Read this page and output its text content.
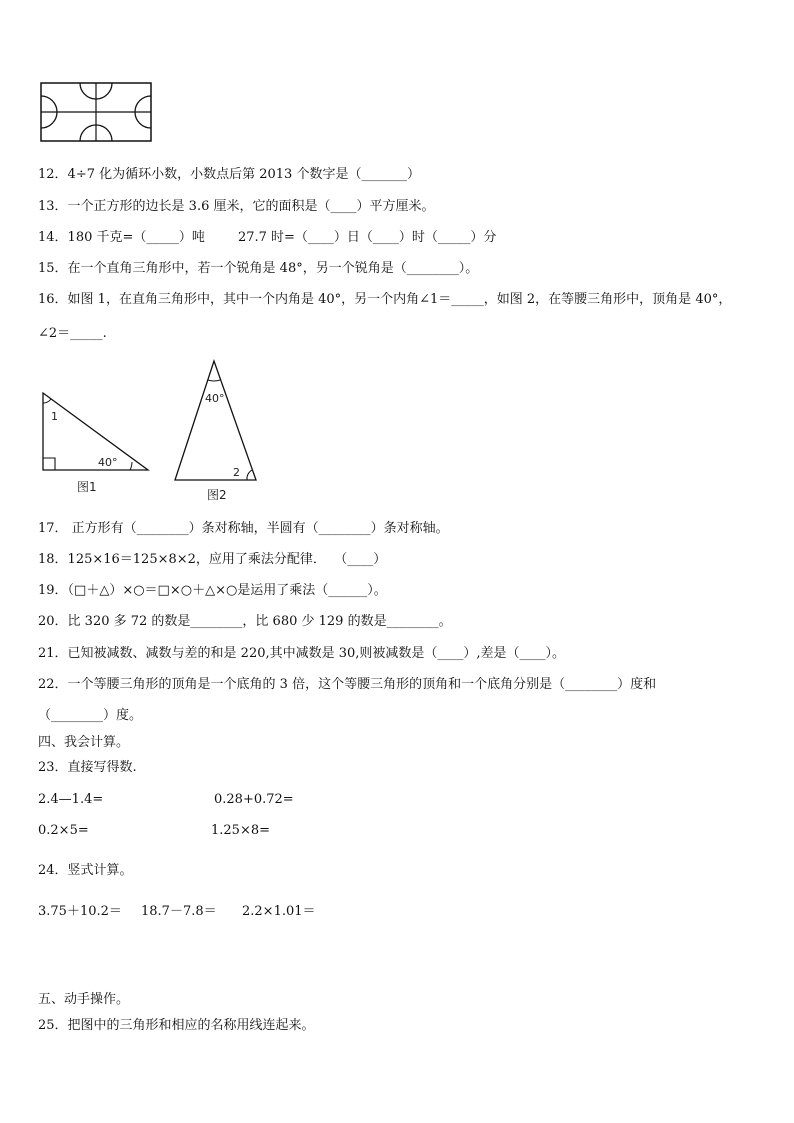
12．4÷7 化为循环小数，小数点后第 2013 个数字是（_______）
13．一个正方形的边长是 3.6 厘米，它的面积是（____）平方厘米。
14．180 千克=（_____）吨        27.7 时=（____）日（____）时（_____）分
15．在一个直角三角形中，若一个锐角是 48°，另一个锐角是（________）。
16．如图 1，在直角三角形中，其中一个内角是 40°，另一个内角∠1＝_____，如图 2，在等腰三角形中，顶角是 40°，
∠2＝_____.
1
40°
图1
40°
2
图2
17． 正方形有（________）条对称轴，半圆有（________）条对称轴。
18．125×16＝125×8×2，应用了乘法分配律．  （____）
19．（□＋△）×○＝□×○＋△×○是运用了乘法（______）。
20．比 320 多 72 的数是________，比 680 少 129 的数是________。
21．已知被减数、减数与差的和是 220,其中减数是 30,则被减数是（____）,差是（____）。
22．一个等腰三角形的顶角是一个底角的 3 倍，这个等腰三角形的顶角和一个底角分别是（________）度和
（________）度。
四、我会计算。
23．直接写得数.
2.4—1.4=	0.28+0.72=
0.2×5=	1.25×8=
24．竖式计算。
3.75＋10.2＝ 18.7－7.8＝ 2.2×1.01＝
五、动手操作。
25．把图中的三角形和相应的名称用线连起来。
